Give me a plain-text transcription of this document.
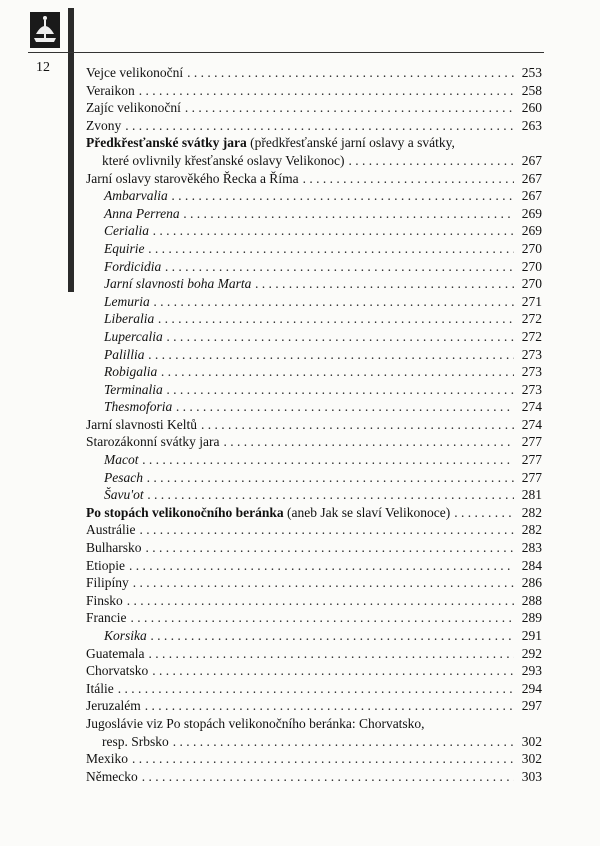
12	Vejce velikonoční . . .	253
Veraikon . . .	258
Zajíc velikonoční . . .	260
Zvony . . .	263
Předkřesťanské svátky jara (předkřesťanské jarní oslavy a svátky,
které ovlivnily křesťanské oslavy Velikonoc) . . .	267
Jarní oslavy starověkého Řecka a Říma . . .	267
Ambarvalia . . .	267
Anna Perrena . . .	269
Cerialia . . .	269
Equirie . . .	270
Fordicidia . . .	270
Jarní slavnosti boha Marta . . .	270
Lemuria . . .	271
Liberalia . . .	272
Lupercalia . . .	272
Palillia . . .	273
Robigalia . . .	273
Terminalia . . .	273
Thesmoforia . . .	274
Jarní slavnosti Keltů . . .	274
Starozákonní svátky jara . . .	277
Macot . . .	277
Pesach . . .	277
Šavu'ot . . .	281
Po stopách velikonočního beránka (aneb Jak se slaví Velikonoce) . . .	282
Austrálie . . .	282
Bulharsko . . .	283
Etiopie . . .	284
Filipíny . . .	286
Finsko . . .	288
Francie . . .	289
Korsika . . .	291
Guatemala . . .	292
Chorvatsko . . .	293
Itálie . . .	294
Jeruzalém . . .	297
Jugoslávie viz Po stopách velikonočního beránka: Chorvatsko,
resp. Srbsko . . .	302
Mexiko . . .	302
Německo . . .	303
